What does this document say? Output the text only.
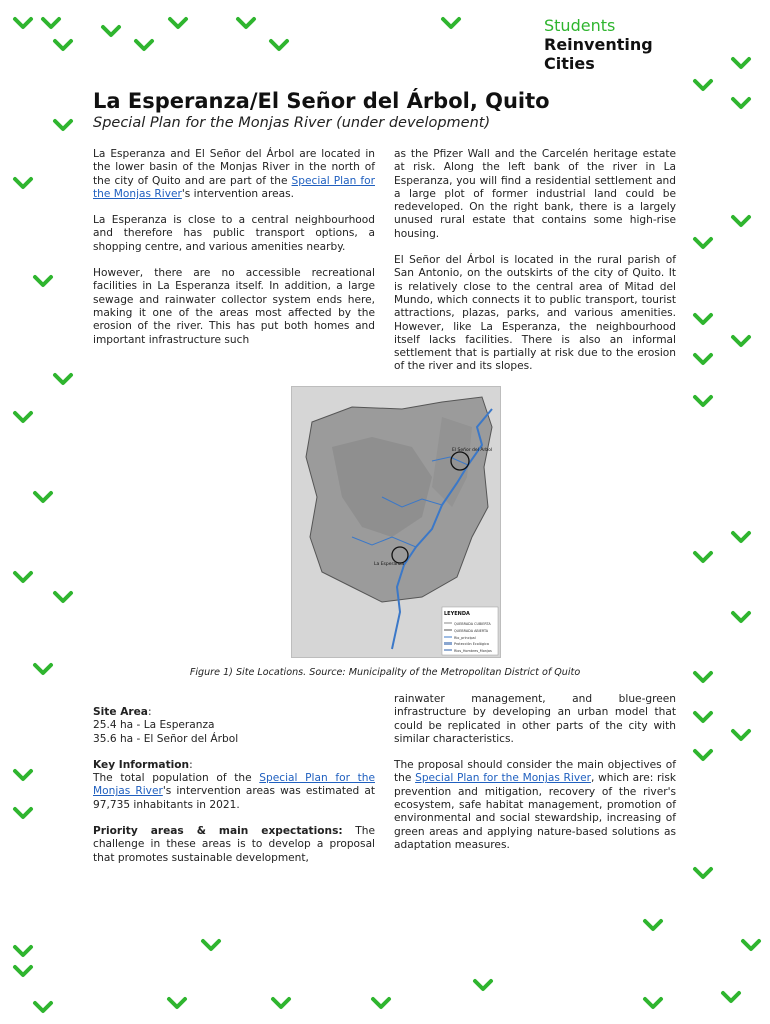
Students
Reinventing
Cities
La Esperanza/El Señor del Árbol, Quito
Special Plan for the Monjas River (under development)

La Esperanza and El Señor del Árbol are located in the lower basin of the Monjas River in the north of the city of Quito and are part of the Special Plan for the Monjas River's intervention areas.

La Esperanza is close to a central neighbourhood and therefore has public transport options, a shopping centre, and various amenities nearby.

However, there are no accessible recreational facilities in La Esperanza itself. In addition, a large sewage and rainwater collector system ends here, making it one of the areas most affected by the erosion of the river. This has put both homes and important infrastructure such

as the Pfizer Wall and the Carcelén heritage estate at risk. Along the left bank of the river in La Esperanza, you will find a residential settlement and a large plot of former industrial land could be redeveloped. On the right bank, there is a largely unused rural estate that contains some high-rise housing.

El Señor del Árbol is located in the rural parish of San Antonio, on the outskirts of the city of Quito. It is relatively close to the central area of Mitad del Mundo, which connects it to public transport, tourist attractions, plazas, parks, and various amenities. However, like La Esperanza, the neighbourhood itself lacks facilities. There is also an informal settlement that is partially at risk due to the erosion of the river and its slopes.

El Señor del Árbol
La Esperanza
LEYENDA
QUEBRADA CUBIERTA
QUEBRADA ABIERTA
Rio_principal
Protección Ecológica
Rios_Hombres_Monjas
Figure 1) Site Locations. Source: Municipality of the Metropolitan District of Quito

Site Area:
25.4 ha - La Esperanza
35.6 ha - El Señor del Árbol

Key Information:
The total population of the Special Plan for the Monjas River's intervention areas was estimated at 97,735 inhabitants in 2021.

Priority areas & main expectations: The challenge in these areas is to develop a proposal that promotes sustainable development,

rainwater management, and blue-green infrastructure by developing an urban model that could be replicated in other parts of the city with similar characteristics.

The proposal should consider the main objectives of the Special Plan for the Monjas River, which are: risk prevention and mitigation, recovery of the river's ecosystem, safe habitat management, promotion of environmental and social stewardship, increasing of green areas and applying nature-based solutions as adaptation measures.
